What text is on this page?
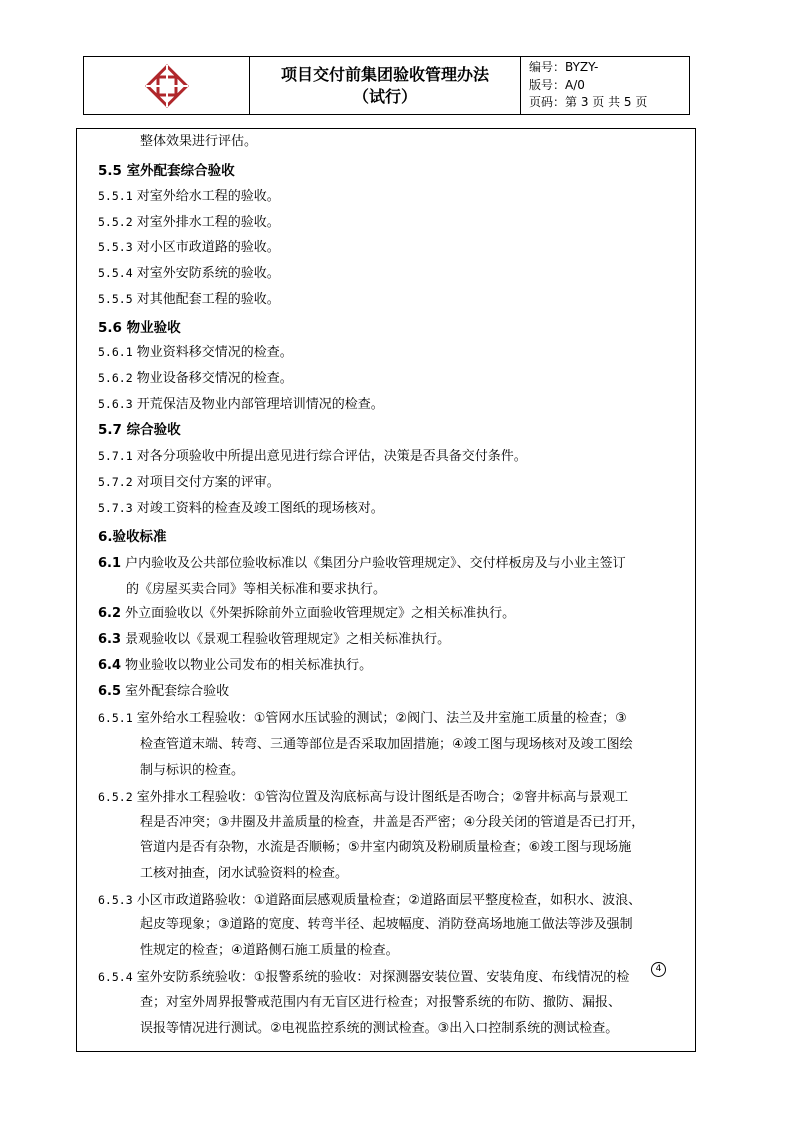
项目交付前集团验收管理办法
（试行）
编号：BYZY-
版号：A/0
页码：第 3 页 共 5 页
整体效果进行评估。
5.5 室外配套综合验收
5.5.1 对室外给水工程的验收。
5.5.2 对室外排水工程的验收。
5.5.3 对小区市政道路的验收。
5.5.4 对室外安防系统的验收。
5.5.5 对其他配套工程的验收。
5.6 物业验收
5.6.1 物业资料移交情况的检查。
5.6.2 物业设备移交情况的检查。
5.6.3 开荒保洁及物业内部管理培训情况的检查。
5.7 综合验收
5.7.1 对各分项验收中所提出意见进行综合评估，决策是否具备交付条件。
5.7.2 对项目交付方案的评审。
5.7.3 对竣工资料的检查及竣工图纸的现场核对。
6.验收标准
6.1 户内验收及公共部位验收标准以《集团分户验收管理规定》、交付样板房及与小业主签订
的《房屋买卖合同》等相关标准和要求执行。
6.2 外立面验收以《外架拆除前外立面验收管理规定》之相关标准执行。
6.3 景观验收以《景观工程验收管理规定》之相关标准执行。
6.4 物业验收以物业公司发布的相关标准执行。
6.5 室外配套综合验收
6.5.1 室外给水工程验收：①管网水压试验的测试；②阀门、法兰及井室施工质量的检查；③
检查管道末端、转弯、三通等部位是否采取加固措施；④竣工图与现场核对及竣工图绘
制与标识的检查。
6.5.2 室外排水工程验收：①管沟位置及沟底标高与设计图纸是否吻合；②窨井标高与景观工
程是否冲突；③井圈及井盖质量的检查，井盖是否严密；④分段关闭的管道是否已打开，
管道内是否有杂物，水流是否顺畅；⑤井室内砌筑及粉刷质量检查；⑥竣工图与现场施
工核对抽查，闭水试验资料的检查。
6.5.3 小区市政道路验收：①道路面层感观质量检查；②道路面层平整度检查，如积水、波浪、
起皮等现象；③道路的宽度、转弯半径、起坡幅度、消防登高场地施工做法等涉及强制
性规定的检查；④道路侧石施工质量的检查。
6.5.4 室外安防系统验收：①报警系统的验收：对探测器安装位置、安装角度、布线情况的检
查；对室外周界报警戒范围内有无盲区进行检查；对报警系统的布防、撤防、漏报、
误报等情况进行测试。②电视监控系统的测试检查。③出入口控制系统的测试检查。
4
